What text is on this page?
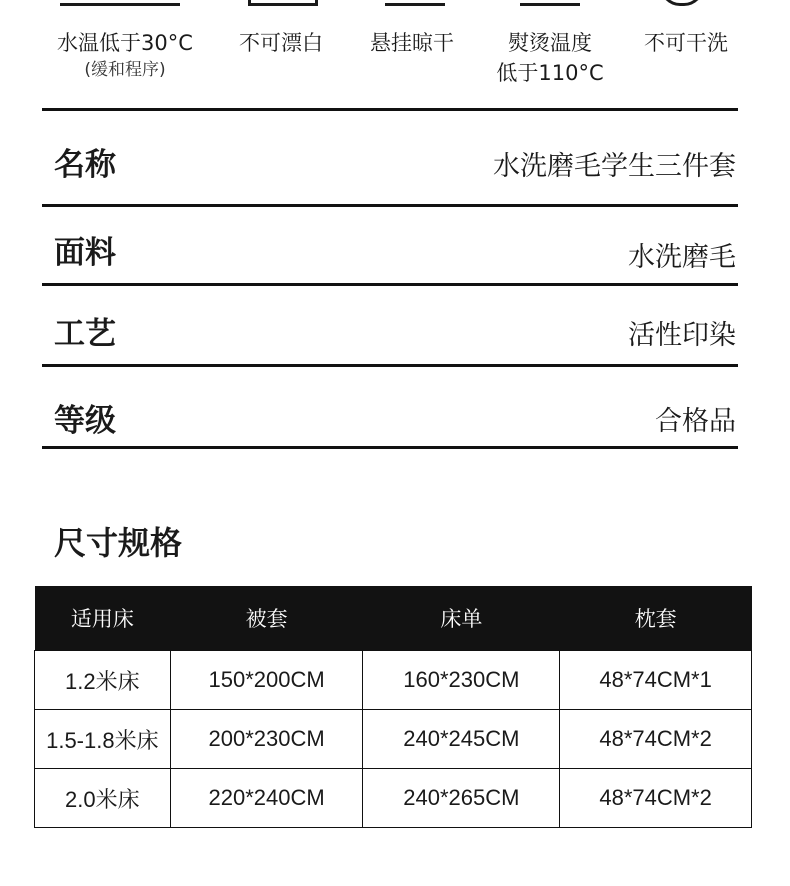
水温低于30°C
(缓和程序)
不可漂白	悬挂晾干	熨烫温度
低于110°C
不可干洗
名称	水洗磨毛学生三件套
面料	水洗磨毛
工艺	活性印染
等级	合格品
尺寸规格
适用床	被套	床单	枕套
1.2米床	150*200CM	160*230CM	48*74CM*1
1.5-1.8米床	200*230CM	240*245CM	48*74CM*2
2.0米床	220*240CM	240*265CM	48*74CM*2
